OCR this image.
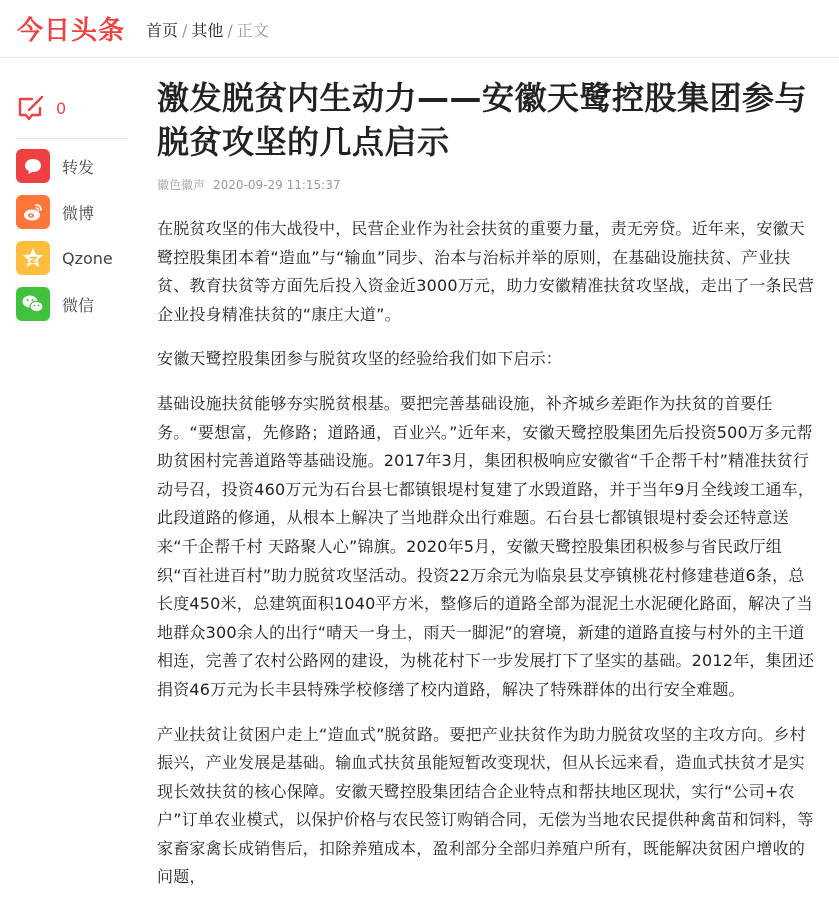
今日头条 首页 / 其他 / 正文
0
转发
微博
Qzone
微信
激发脱贫内生动力——安徽天鹭控股集团参与脱贫攻坚的几点启示
徽色徽声 2020-09-29 11:15:37

在脱贫攻坚的伟大战役中，民营企业作为社会扶贫的重要力量，责无旁贷。近年来，安徽天鹭控股集团本着“造血”与“输血”同步、治本与治标并举的原则，在基础设施扶贫、产业扶贫、教育扶贫等方面先后投入资金近3000万元，助力安徽精准扶贫攻坚战，走出了一条民营企业投身精准扶贫的“康庄大道”。

安徽天鹭控股集团参与脱贫攻坚的经验给我们如下启示：

基础设施扶贫能够夯实脱贫根基。要把完善基础设施，补齐城乡差距作为扶贫的首要任务。“要想富，先修路；道路通，百业兴。”近年来，安徽天鹭控股集团先后投资500万多元帮助贫困村完善道路等基础设施。2017年3月，集团积极响应安徽省“千企帮千村”精准扶贫行动号召，投资460万元为石台县七都镇银堤村复建了水毁道路，并于当年9月全线竣工通车，此段道路的修通，从根本上解决了当地群众出行难题。石台县七都镇银堤村委会还特意送来“千企帮千村 天路聚人心”锦旗。2020年5月，安徽天鹭控股集团积极参与省民政厅组织“百社进百村”助力脱贫攻坚活动。投资22万余元为临泉县艾亭镇桃花村修建巷道6条，总长度450米，总建筑面积1040平方米，整修后的道路全部为混泥土水泥硬化路面，解决了当地群众300余人的出行“晴天一身土，雨天一脚泥”的窘境，新建的道路直接与村外的主干道相连，完善了农村公路网的建设，为桃花村下一步发展打下了坚实的基础。2012年，集团还捐资46万元为长丰县特殊学校修缮了校内道路，解决了特殊群体的出行安全难题。

产业扶贫让贫困户走上“造血式”脱贫路。要把产业扶贫作为助力脱贫攻坚的主攻方向。乡村振兴，产业发展是基础。输血式扶贫虽能短暂改变现状，但从长远来看，造血式扶贫才是实现长效扶贫的核心保障。安徽天鹭控股集团结合企业特点和帮扶地区现状，实行“公司+农户”订单农业模式，以保护价格与农民签订购销合同，无偿为当地农民提供种禽苗和饲料，等家畜家禽长成销售后，扣除养殖成本，盈利部分全部归养殖户所有，既能解决贫困户增收的问题，
